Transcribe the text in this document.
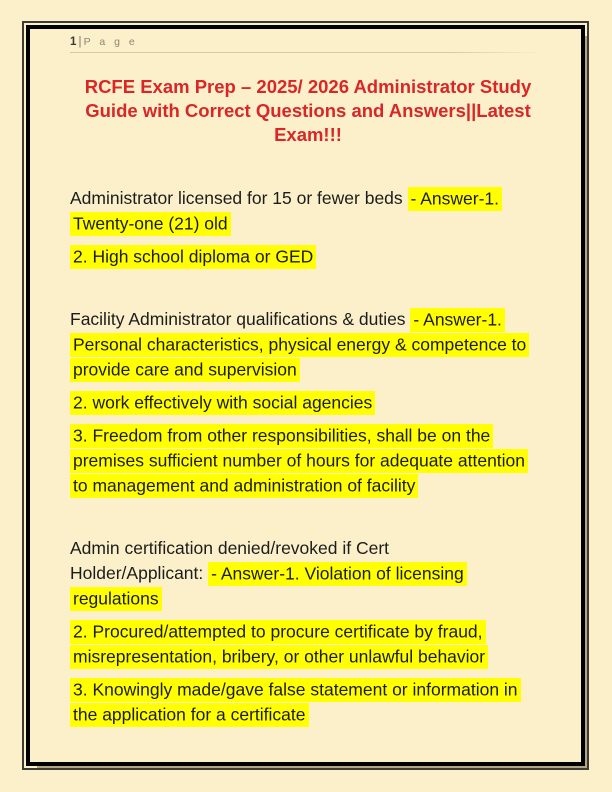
1 | P a g e
RCFE Exam Prep – 2025/ 2026 Administrator Study
Guide with Correct Questions and Answers||Latest
Exam!!!
Administrator licensed for 15 or fewer beds - Answer-1.
Twenty-one (21) old
2. High school diploma or GED
Facility Administrator qualifications & duties - Answer-1.
Personal characteristics, physical energy & competence to
provide care and supervision
2. work effectively with social agencies
3. Freedom from other responsibilities, shall be on the
premises sufficient number of hours for adequate attention
to management and administration of facility
Admin certification denied/revoked if Cert
Holder/Applicant: - Answer-1. Violation of licensing
regulations
2. Procured/attempted to procure certificate by fraud,
misrepresentation, bribery, or other unlawful behavior
3. Knowingly made/gave false statement or information in
the application for a certificate
